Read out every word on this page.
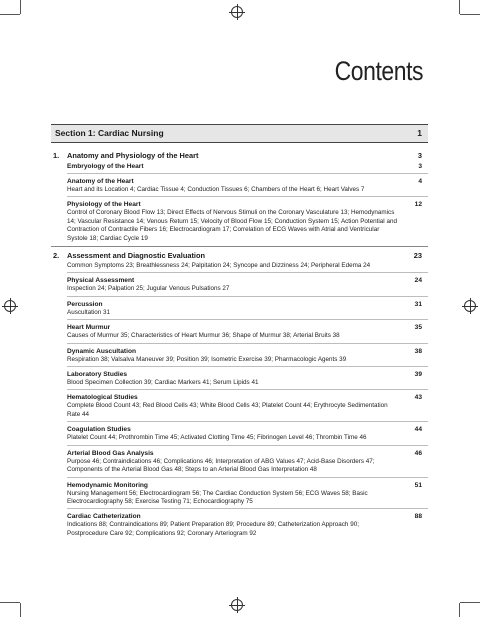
Contents
Section 1: Cardiac Nursing	1
1. Anatomy and Physiology of the Heart	3
Embryology of the Heart	3
Anatomy of the Heart	4
Heart and its Location 4; Cardiac Tissue 4; Conduction Tissues 6; Chambers of the Heart 6; Heart Valves 7
Physiology of the Heart	12
Control of Coronary Blood Flow 13; Direct Effects of Nervous Stimuli on the Coronary Vasculature 13; Hemodynamics 14; Vascular Resistance 14; Venous Return 15; Velocity of Blood Flow 15; Conduction System 15; Action Potential and Contraction of Contractile Fibers 16; Electrocardiogram 17; Correlation of ECG Waves with Atrial and Ventricular Systole 18; Cardiac Cycle 19
2. Assessment and Diagnostic Evaluation	23
Common Symptoms 23; Breathlessness 24; Palpitation 24; Syncope and Dizziness 24; Peripheral Edema 24
Physical Assessment	24
Inspection 24; Palpation 25; Jugular Venous Pulsations 27
Percussion	31
Auscultation 31
Heart Murmur	35
Causes of Murmur 35; Characteristics of Heart Murmur 36; Shape of Murmur 38; Arterial Bruits 38
Dynamic Auscultation	38
Respiration 38; Valsalva Maneuver 39; Position 39; Isometric Exercise 39; Pharmacologic Agents 39
Laboratory Studies	39
Blood Specimen Collection 39; Cardiac Markers 41; Serum Lipids 41
Hematological Studies	43
Complete Blood Count 43; Red Blood Cells 43; White Blood Cells 43; Platelet Count 44; Erythrocyte Sedimentation Rate 44
Coagulation Studies	44
Platelet Count 44; Prothrombin Time 45; Activated Clotting Time 45; Fibrinogen Level 46; Thrombin Time 46
Arterial Blood Gas Analysis	46
Purpose 46; Contraindications 46; Complications 46; Interpretation of ABG Values 47; Acid-Base Disorders 47; Components of the Arterial Blood Gas 48; Steps to an Arterial Blood Gas Interpretation 48
Hemodynamic Monitoring	51
Nursing Management 56; Electrocardiogram 56; The Cardiac Conduction System 56; ECG Waves 58; Basic Electrocardiography 58; Exercise Testing 71; Echocardiography 75
Cardiac Catheterization	88
Indications 88; Contraindications 89; Patient Preparation 89; Procedure 89; Catheterization Approach 90; Postprocedure Care 92; Complications 92; Coronary Arteriogram 92
